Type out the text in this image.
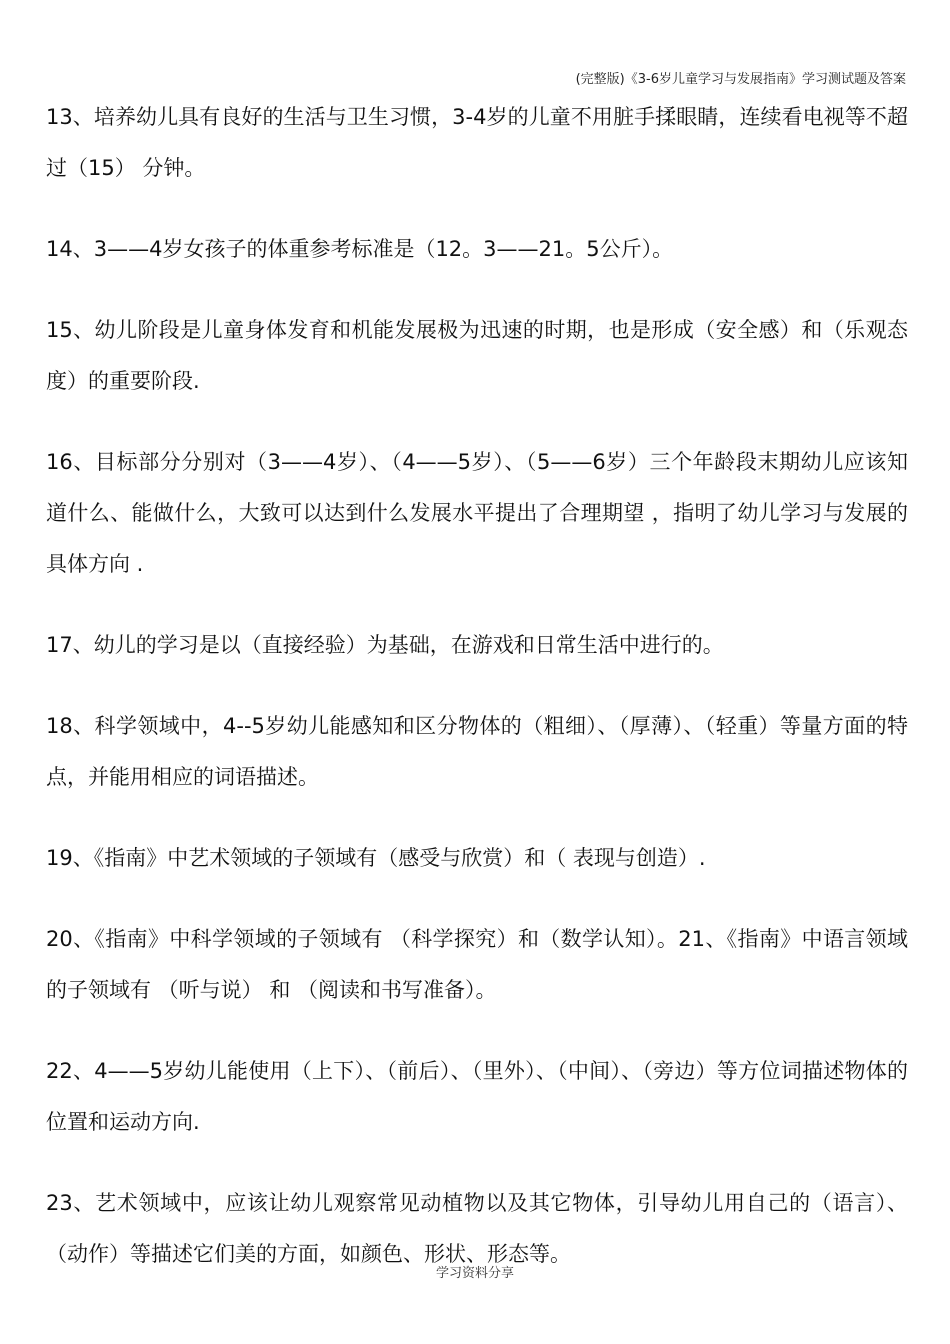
(完整版)《3-6岁儿童学习与发展指南》学习测试题及答案

13、培养幼儿具有良好的生活与卫生习惯，3-4岁的儿童不用脏手揉眼睛，连续看电视等不超过（15） 分钟。

14、3——4岁女孩子的体重参考标准是（12。3——21。5公斤）。

15、幼儿阶段是儿童身体发育和机能发展极为迅速的时期，也是形成（安全感）和（乐观态度）的重要阶段.

16、目标部分分别对（3——4岁）、（4——5岁）、（5——6岁）三个年龄段末期幼儿应该知道什么、能做什么，大致可以达到什么发展水平提出了合理期望 ，指明了幼儿学习与发展的具体方向 .

17、幼儿的学习是以（直接经验）为基础，在游戏和日常生活中进行的。

18、科学领域中，4--5岁幼儿能感知和区分物体的（粗细）、（厚薄）、（轻重）等量方面的特点，并能用相应的词语描述。

19、《指南》中艺术领域的子领域有（感受与欣赏）和（ 表现与创造）.

20、《指南》中科学领域的子领域有 （科学探究）和（数学认知）。21、《指南》中语言领域的子领域有 （听与说） 和 （阅读和书写准备）。

22、4——5岁幼儿能使用（上下）、（前后）、（里外）、（中间）、（旁边）等方位词描述物体的位置和运动方向.

23、艺术领域中，应该让幼儿观察常见动植物以及其它物体，引导幼儿用自己的（语言）、（动作）等描述它们美的方面，如颜色、形状、形态等。

学习资料分享
